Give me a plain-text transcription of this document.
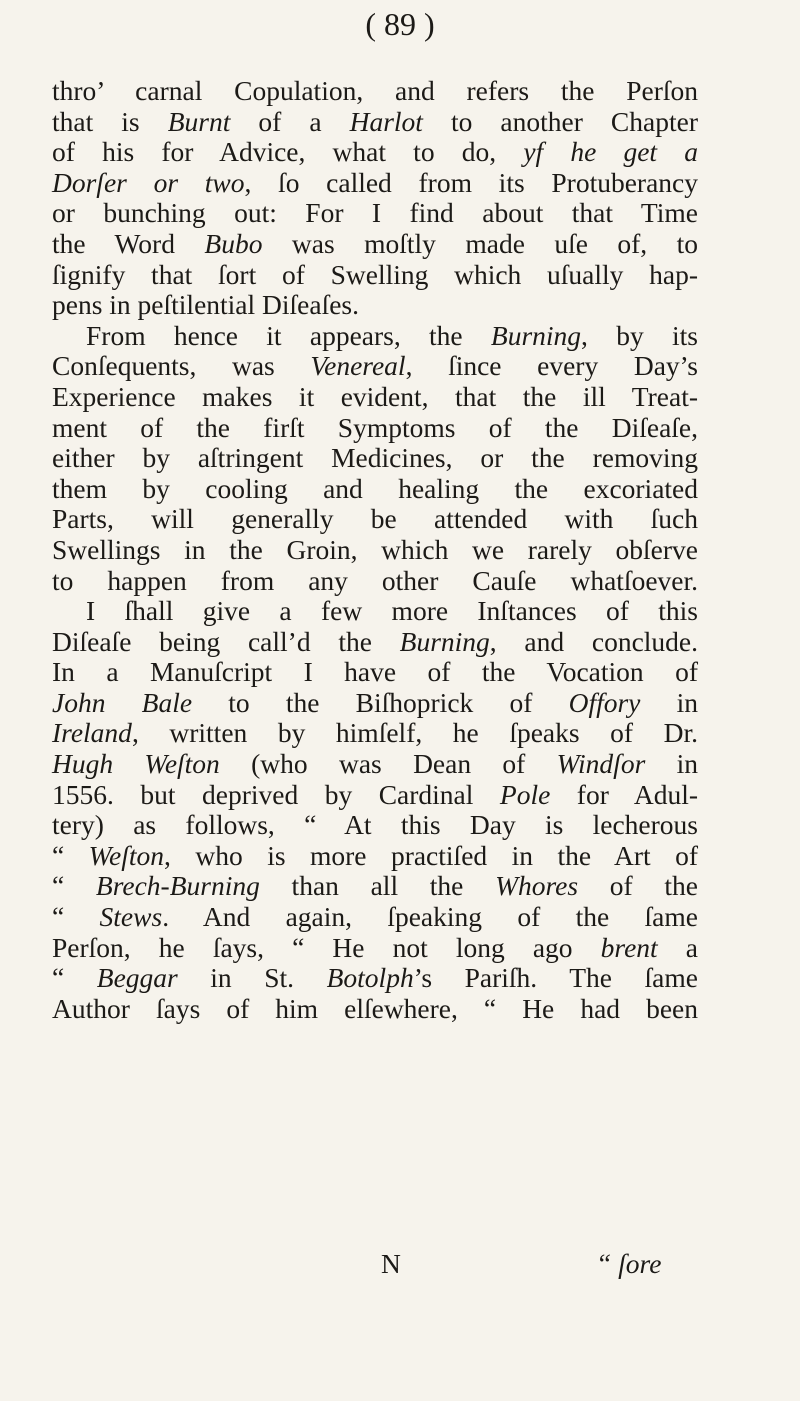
( 89 )
thro’ carnal Copulation, and refers the Perſon
that is Burnt of a Harlot to another Chapter
of his for Advice, what to do, yf he get a
Dorſer or two, ſo called from its Protuberancy
or bunching out: For I find about that Time
the Word Bubo was moſtly made uſe of, to
ſignify that ſort of Swelling which uſually hap-
pens in peſtilential Diſeaſes.
From hence it appears, the Burning, by its
Conſequents, was Venereal, ſince every Day’s
Experience makes it evident, that the ill Treat-
ment of the firſt Symptoms of the Diſeaſe,
either by aſtringent Medicines, or the removing
them by cooling and healing the excoriated
Parts, will generally be attended with ſuch
Swellings in the Groin, which we rarely obſerve
to happen from any other Cauſe whatſoever.
I ſhall give a few more Inſtances of this
Diſeaſe being call’d the Burning, and conclude.
In a Manuſcript I have of the Vocation of
John Bale to the Biſhoprick of Offory in
Ireland, written by himſelf, he ſpeaks of Dr.
Hugh Weſton (who was Dean of Windſor in
1556. but deprived by Cardinal Pole for Adul-
tery) as follows, “ At this Day is lecherous
“ Weſton, who is more practiſed in the Art of
“ Brech-Burning than all the Whores of the
“ Stews. And again, ſpeaking of the ſame
Perſon, he ſays, “ He not long ago brent a
“ Beggar in St. Botolph’s Pariſh. The ſame
Author ſays of him elſewhere, “ He had been
N	“ ſore
